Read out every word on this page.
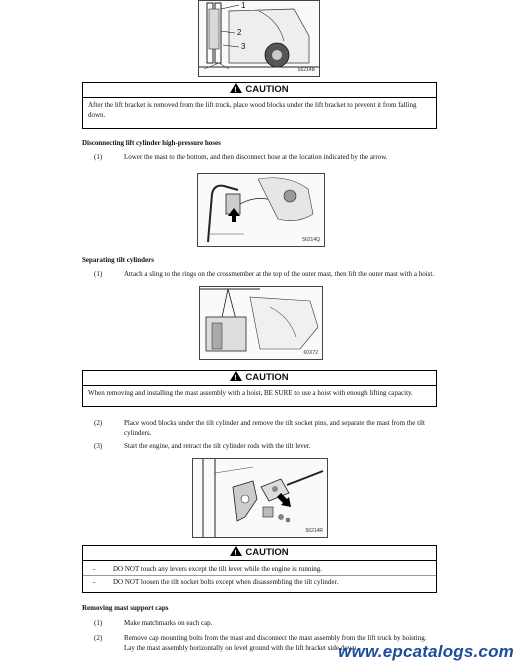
1
2
3
56214B
!CAUTION
After the lift bracket is removed from the lift truck, place wood blocks under the lift bracket to prevent it from falling down.
Disconnecting lift cylinder high-pressure hoses
(1)	Lower the mast to the bottom, and then disconnect hose at the location indicated by the arrow.
56214Q
Separating tilt cylinders
(1)	Attach a sling to the rings on the crossmember at the top of the outer mast, then lift the outer mast with a hoist.
60X72
!CAUTION
When removing and installing the mast assembly with a hoist, BE SURE to use a hoist with enough lifting capacity.
(2)	Place wood blocks under the tilt cylinder and remove the tilt socket pins, and separate the mast from the tilt cylinders.
(3)	Start the engine, and retract the tilt cylinder rods with the tilt lever.
56214R
!CAUTION
-	DO NOT touch any levers except the tilt lever while the engine is running.
-	DO NOT loosen the tilt socket bolts except when disassembling the tilt cylinder.
Removing mast support caps
(1)	Make matchmarks on each cap.
(2)	Remove cap mounting bolts from the mast and disconnect the mast assembly from the lift truck by hoisting. Lay the mast assembly horizontally on level ground with the lift bracket side down.
www.epcatalogs.com
